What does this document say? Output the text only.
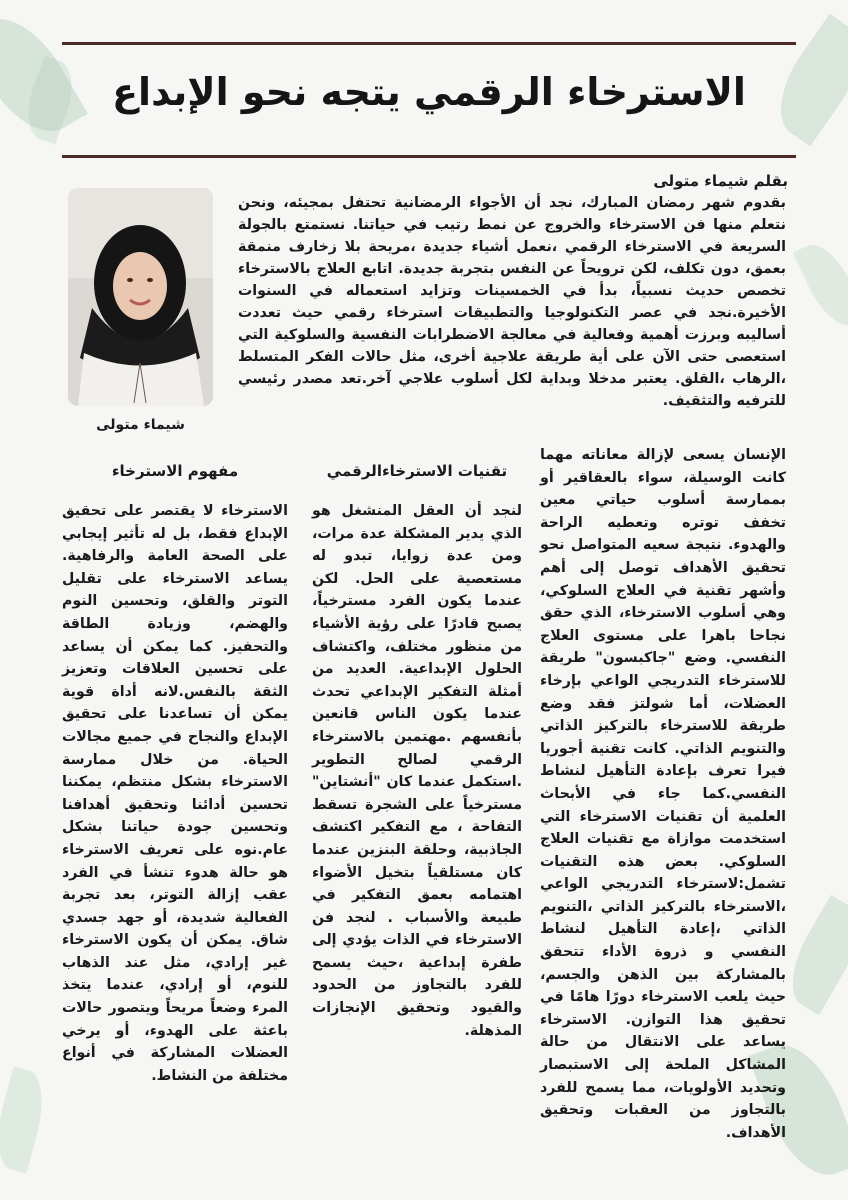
الاسترخاء الرقمي يتجه نحو الإبداع
بقلم شيماء متولى
شيماء متولى

بقدوم شهر رمضان المبارك، نجد أن الأجواء الرمضانية تحتفل بمجيئه، ونحن نتعلم منها فن الاسترخاء والخروج عن نمط رتيب في حياتنا. نستمتع بالجولة السريعة في الاسترخاء الرقمي ،نعمل أشياء جديدة ،مريحة بلا زخارف منمقة بعمق، دون تكلف، لكن ترويحاً عن النفس بتجربة جديدة. اتابع العلاج بالاسترخاء تخصص حديث نسبياً، بدأ في الخمسينات وتزايد استعماله في السنوات الأخيرة.نجد في عصر التكنولوجيا والتطبيقات استرخاء رقمي حيث تعددت أساليبه وبرزت أهمية وفعالية في معالجة الاضطرابات النفسية والسلوكية التي استعصى حتى الآن على أية طريقة علاجية أخرى، مثل حالات الفكر المتسلط ،الرهاب ،القلق. يعتبر مدخلا وبداية لكل أسلوب علاجي آخر.تعد مصدر رئيسي للترفيه والتثقيف.

الإنسان يسعى لإزالة معاناته مهما كانت الوسيلة، سواء بالعقاقير أو بممارسة أسلوب حياتي معين تخفف توتره وتعطيه الراحة والهدوء. نتيجة سعيه المتواصل نحو تحقيق الأهداف توصل إلى أهم وأشهر تقنية في العلاج السلوكي، وهي أسلوب الاسترخاء، الذي حقق نجاحا باهرا على مستوى العلاج النفسي. وضع "جاكبسون" طريقة للاسترخاء التدريجي الواعي بإرخاء العضلات، أما شولتز فقد وضع طريقة للاسترخاء بالتركيز الذاتي والتنويم الذاتي. كانت تقنية أجوريا فيرا تعرف بإعادة التأهيل لنشاط النفسي.كما جاء في الأبحاث العلمية أن تقنيات الاسترخاء التي استخدمت موازاة مع تقنيات العلاج السلوكي. بعض هذه التقنيات تشمل:لاسترخاء التدريجي الواعي ،الاسترخاء بالتركيز الذاتي ،التنويم الذاتي ،إعادة التأهيل لنشاط النفسي و ذروة الأداء تتحقق بالمشاركة بين الذهن والجسم، حيث يلعب الاسترخاء دورًا هامًا في تحقيق هذا التوازن. الاسترخاء يساعد على الانتقال من حالة المشاكل الملحة إلى الاستبصار وتحديد الأولويات، مما يسمح للفرد بالتجاوز من العقبات وتحقيق الأهداف.

تقنيات الاسترخاءالرقمي

لنجد أن العقل المنشغل هو الذي يدير المشكلة عدة مرات، ومن عدة زوايا، تبدو له مستعصية على الحل. لكن عندما يكون الفرد مسترخياً، يصبح قادرًا على رؤية الأشياء من منظور مختلف، واكتشاف الحلول الإبداعية. العديد من أمثلة التفكير الإبداعي تحدث عندما يكون الناس قانعين بأنفسهم .مهتمين بالاسترخاء الرقمي لصالح التطوير .استكمل عندما كان "أنشتاين" مسترخياً على الشجرة تسقط التفاحة ، مع التفكير اكتشف الجاذبية، وحلقة البنزين عندما كان مستلقياً بتخيل الأضواء اهتمامه بعمق التفكير في طبيعة والأسباب . لنجد فن الاسترخاء في الذات يؤدي إلى طفرة إبداعية ،حيث يسمح للفرد بالتجاوز من الحدود والقيود وتحقيق الإنجازات المذهلة.

مفهوم الاسترخاء

الاسترخاء لا يقتصر على تحقيق الإبداع فقط، بل له تأثير إيجابي على الصحة العامة والرفاهية. يساعد الاسترخاء على تقليل التوتر والقلق، وتحسين النوم والهضم، وزيادة الطاقة والتحفيز. كما يمكن أن يساعد على تحسين العلاقات وتعزيز الثقة بالنفس.لانه أداة قوية يمكن أن تساعدنا على تحقيق الإبداع والنجاح في جميع مجالات الحياة. من خلال ممارسة الاسترخاء بشكل منتظم، يمكننا تحسين أدائنا وتحقيق أهدافنا وتحسين جودة حياتنا بشكل عام.نوه على تعريف الاسترخاء هو حالة هدوء تنشأ في الفرد عقب إزالة التوتر، بعد تجربة الفعالية شديدة، أو جهد جسدي شاق. يمكن أن يكون الاسترخاء غير إرادي، مثل عند الذهاب للنوم، أو إرادي، عندما يتخذ المرء وضعاً مريحاً ويتصور حالات باعثة على الهدوء، أو يرخي العضلات المشاركة في أنواع مختلفة من النشاط.
